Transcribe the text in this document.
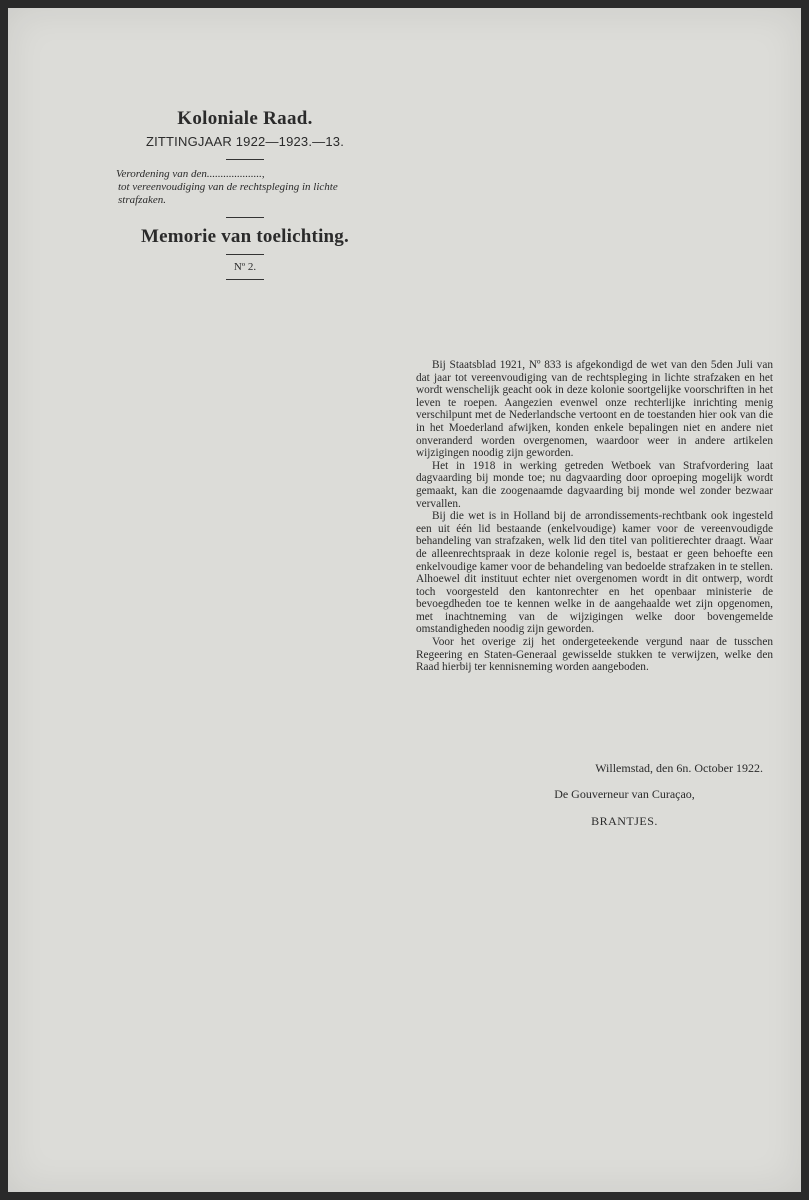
Koloniale Raad.
ZITTINGJAAR 1922—1923.—13.
Verordening van den....................,
tot vereenvoudiging van de rechtspleging in lichte strafzaken.
Memorie van toelichting.
Nº 2.

Bij Staatsblad 1921, Nº 833 is afgekondigd de wet van den 5den Juli van dat jaar tot vereenvoudiging van de rechtspleging in lichte strafzaken en het wordt wenschelijk geacht ook in deze kolonie soortgelijke voorschriften in het leven te roepen. Aangezien evenwel onze rechterlijke inrichting menig verschilpunt met de Nederlandsche vertoont en de toestanden hier ook van die in het Moederland afwijken, konden enkele bepalingen niet en andere niet onveranderd worden overgenomen, waardoor weer in andere artikelen wijzigingen noodig zijn geworden.

Het in 1918 in werking getreden Wetboek van Strafvordering laat dagvaarding bij monde toe; nu dagvaarding door oproeping mogelijk wordt gemaakt, kan die zoogenaamde dagvaarding bij monde wel zonder bezwaar vervallen.

Bij die wet is in Holland bij de arrondissements-rechtbank ook ingesteld een uit één lid bestaande (enkelvoudige) kamer voor de vereenvoudigde behandeling van strafzaken, welk lid den titel van politierechter draagt. Waar de alleenrechtspraak in deze kolonie regel is, bestaat er geen behoefte een enkelvoudige kamer voor de behandeling van bedoelde strafzaken in te stellen. Alhoewel dit instituut echter niet overgenomen wordt in dit ontwerp, wordt toch voorgesteld den kantonrechter en het openbaar ministerie de bevoegdheden toe te kennen welke in de aangehaalde wet zijn opgenomen, met inachtneming van de wijzigingen welke door bovengemelde omstandigheden noodig zijn geworden.

Voor het overige zij het ondergeteekende vergund naar de tusschen Regeering en Staten-Generaal gewisselde stukken te verwijzen, welke den Raad hierbij ter kennisneming worden aangeboden.

Willemstad, den 6n. October 1922.
De Gouverneur van Curaçao,
BRANTJES.
